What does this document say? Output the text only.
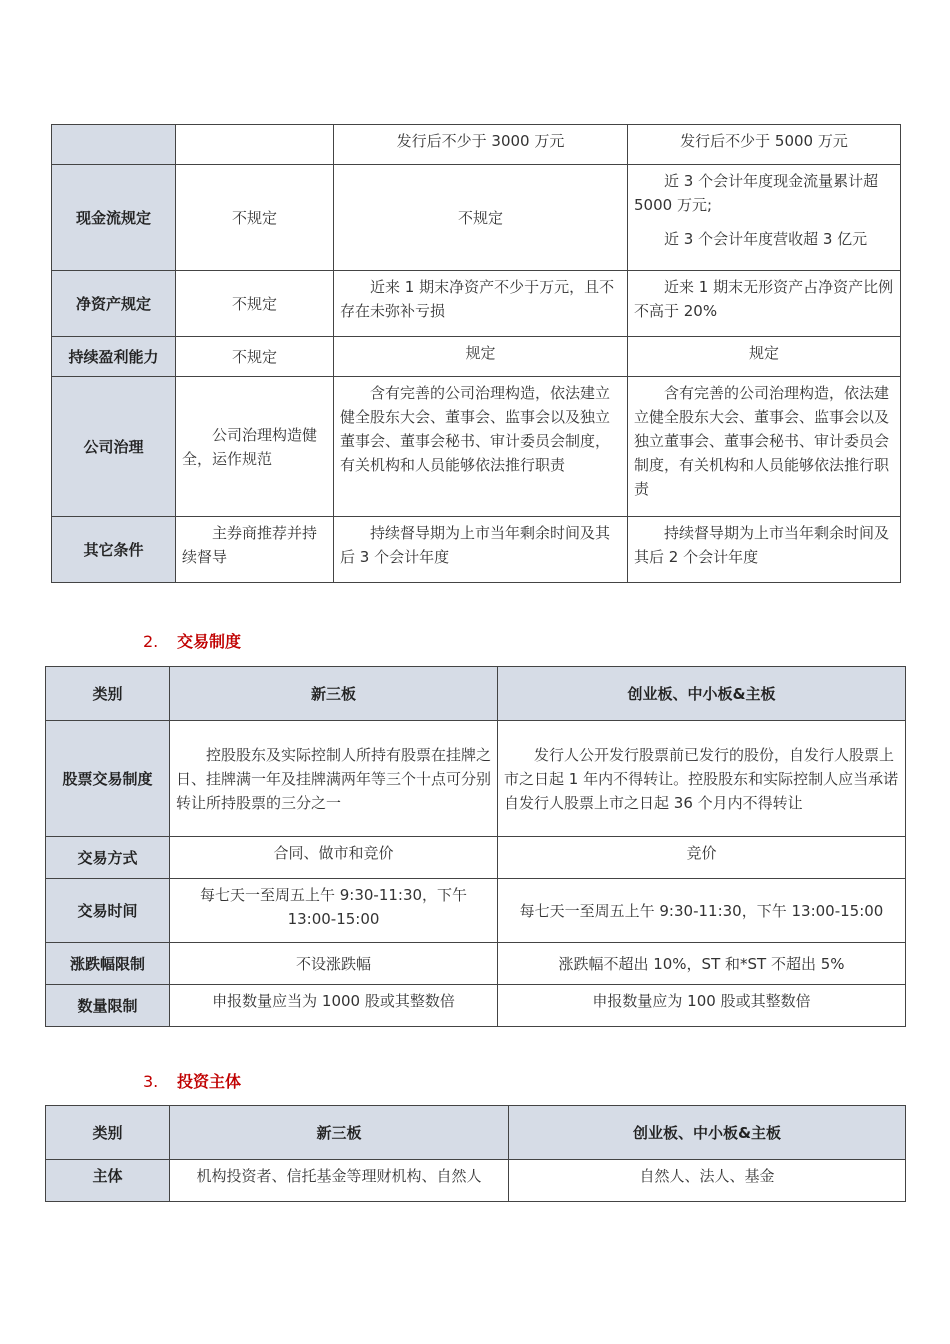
		发行后不少于 3000 万元	发行后不少于 5000 万元
现金流规定	不规定	不规定	近 3 个会计年度现金流量累计超 5000 万元;

近 3 个会计年度营收超 3 亿元

净资产规定	不规定	近来 1 期末净资产不少于万元，且不存在未弥补亏损	近来 1 期末无形资产占净资产比例不高于 20%
持续盈利能力	不规定	规定	规定
公司治理	公司治理构造健全，运作规范	含有完善的公司治理构造，依法建立健全股东大会、董事会、监事会以及独立董事会、董事会秘书、审计委员会制度，有关机构和人员能够依法推行职责	含有完善的公司治理构造，依法建立健全股东大会、董事会、监事会以及独立董事会、董事会秘书、审计委员会制度，有关机构和人员能够依法推行职责
其它条件	主券商推荐并持续督导	持续督导期为上市当年剩余时间及其后 3 个会计年度	持续督导期为上市当年剩余时间及其后 2 个会计年度
2. 交易制度
类别	新三板	创业板、中小板&主板
股票交易制度	控股股东及实际控制人所持有股票在挂牌之日、挂牌满一年及挂牌满两年等三个十点可分别转让所持股票的三分之一	发行人公开发行股票前已发行的股份，自发行人股票上市之日起 1 年内不得转让。控股股东和实际控制人应当承诺自发行人股票上市之日起 36 个月内不得转让
交易方式	合同、做市和竞价	竞价
交易时间	每七天一至周五上午 9:30-11:30，下午 13:00-15:00	每七天一至周五上午 9:30-11:30，下午 13:00-15:00
涨跌幅限制	不设涨跌幅	涨跌幅不超出 10%，ST 和*ST 不超出 5%
数量限制	申报数量应当为 1000 股或其整数倍	申报数量应为 100 股或其整数倍
3. 投资主体
类别	新三板	创业板、中小板&主板
主体	机构投资者、信托基金等理财机构、自然人	自然人、法人、基金
